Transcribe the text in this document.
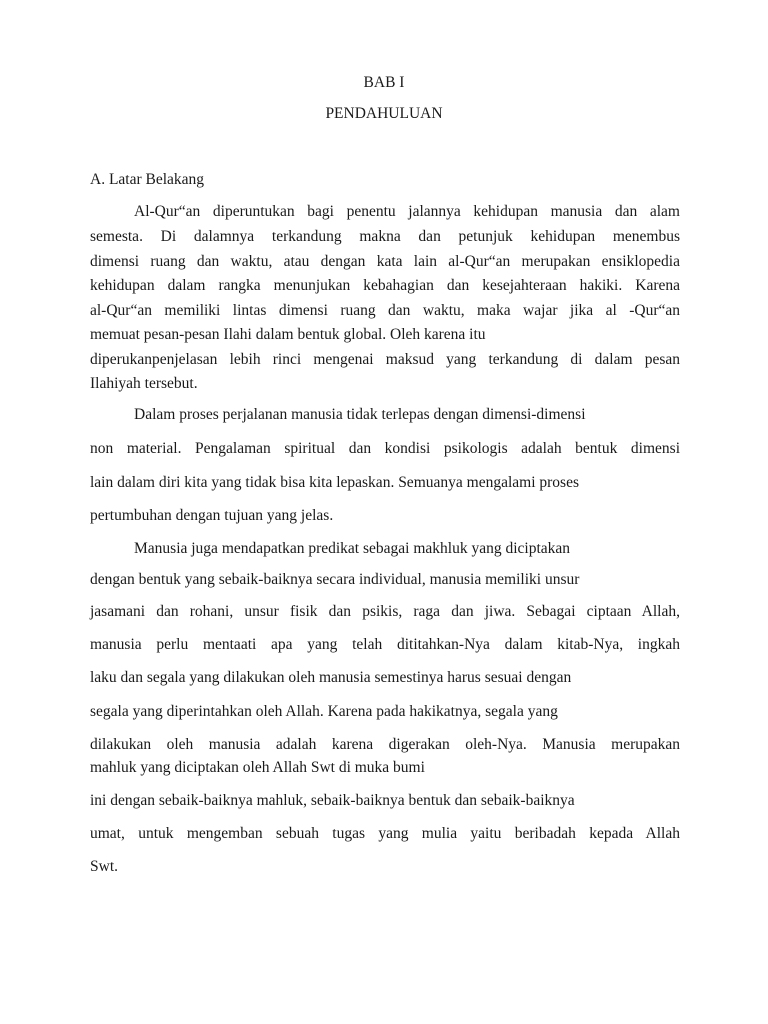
BAB I

PENDAHULUAN

A. Latar Belakang

Al-Qur“an diperuntukan bagi penentu jalannya kehidupan manusia dan alam

semesta. Di dalamnya terkandung makna dan petunjuk kehidupan menembus

dimensi ruang dan waktu, atau dengan kata lain al-Qur“an merupakan ensiklopedia

kehidupan dalam rangka menunjukan kebahagian dan kesejahteraan hakiki. Karena

al-Qur“an memiliki lintas dimensi ruang dan waktu, maka wajar jika al -Qur“an

memuat pesan-pesan Ilahi dalam bentuk global. Oleh karena itu

diperukanpenjelasan lebih rinci mengenai maksud yang terkandung di dalam pesan

Ilahiyah tersebut.

Dalam proses perjalanan manusia tidak terlepas dengan dimensi-dimensi

non material. Pengalaman spiritual dan kondisi psikologis adalah bentuk dimensi

lain dalam diri kita yang tidak bisa kita lepaskan. Semuanya mengalami proses

pertumbuhan dengan tujuan yang jelas.

Manusia juga mendapatkan predikat sebagai makhluk yang diciptakan

dengan bentuk yang sebaik-baiknya secara individual, manusia memiliki unsur

jasamani dan rohani, unsur fisik dan psikis, raga dan jiwa. Sebagai ciptaan Allah,

manusia perlu mentaati apa yang telah dititahkan-Nya dalam kitab-Nya, ingkah

laku dan segala yang dilakukan oleh manusia semestinya harus sesuai dengan

segala yang diperintahkan oleh Allah. Karena pada hakikatnya, segala yang

dilakukan oleh manusia adalah karena digerakan oleh-Nya. Manusia merupakan

mahluk yang diciptakan oleh Allah Swt di muka bumi

ini dengan sebaik-baiknya mahluk, sebaik-baiknya bentuk dan sebaik-baiknya

umat, untuk mengemban sebuah tugas yang mulia yaitu beribadah kepada Allah

Swt.
